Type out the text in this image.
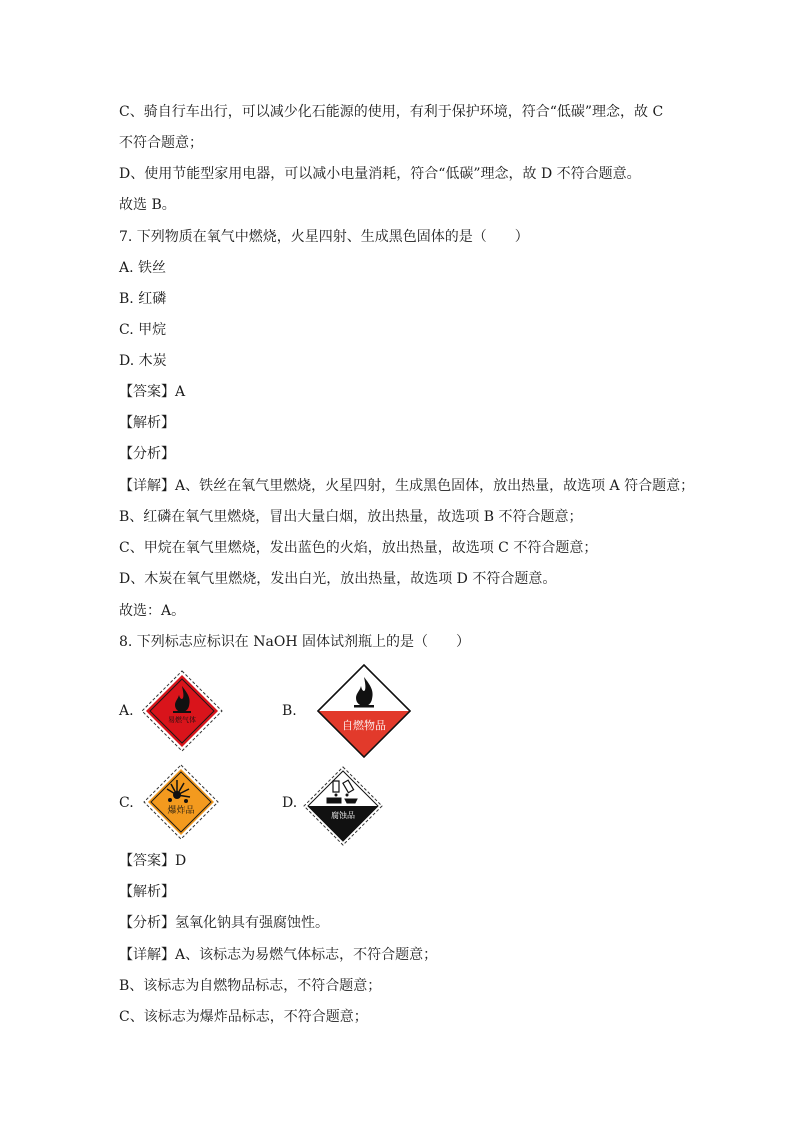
C、骑自行车出行，可以减少化石能源的使用，有利于保护环境，符合“低碳”理念，故 C
不符合题意；
D、使用节能型家用电器，可以减小电量消耗，符合“低碳”理念，故 D 不符合题意。
故选 B。
7. 下列物质在氧气中燃烧，火星四射、生成黑色固体的是（　　）
A. 铁丝
B. 红磷
C. 甲烷
D. 木炭
【答案】A
【解析】
【分析】
【详解】A、铁丝在氧气里燃烧，火星四射，生成黑色固体，放出热量，故选项 A 符合题意；
B、红磷在氧气里燃烧，冒出大量白烟，放出热量，故选项 B 不符合题意；
C、甲烷在氧气里燃烧，发出蓝色的火焰，放出热量，故选项 C 不符合题意；
D、木炭在氧气里燃烧，发出白光，放出热量，故选项 D 不符合题意。
故选：A。
8. 下列标志应标识在 NaOH 固体试剂瓶上的是（　　）
A.	B.
C.	D.
易燃气体	自燃物品
爆炸品	腐蚀品
【答案】D
【解析】
【分析】氢氧化钠具有强腐蚀性。
【详解】A、该标志为易燃气体标志，不符合题意；
B、该标志为自燃物品标志，不符合题意；
C、该标志为爆炸品标志，不符合题意；
